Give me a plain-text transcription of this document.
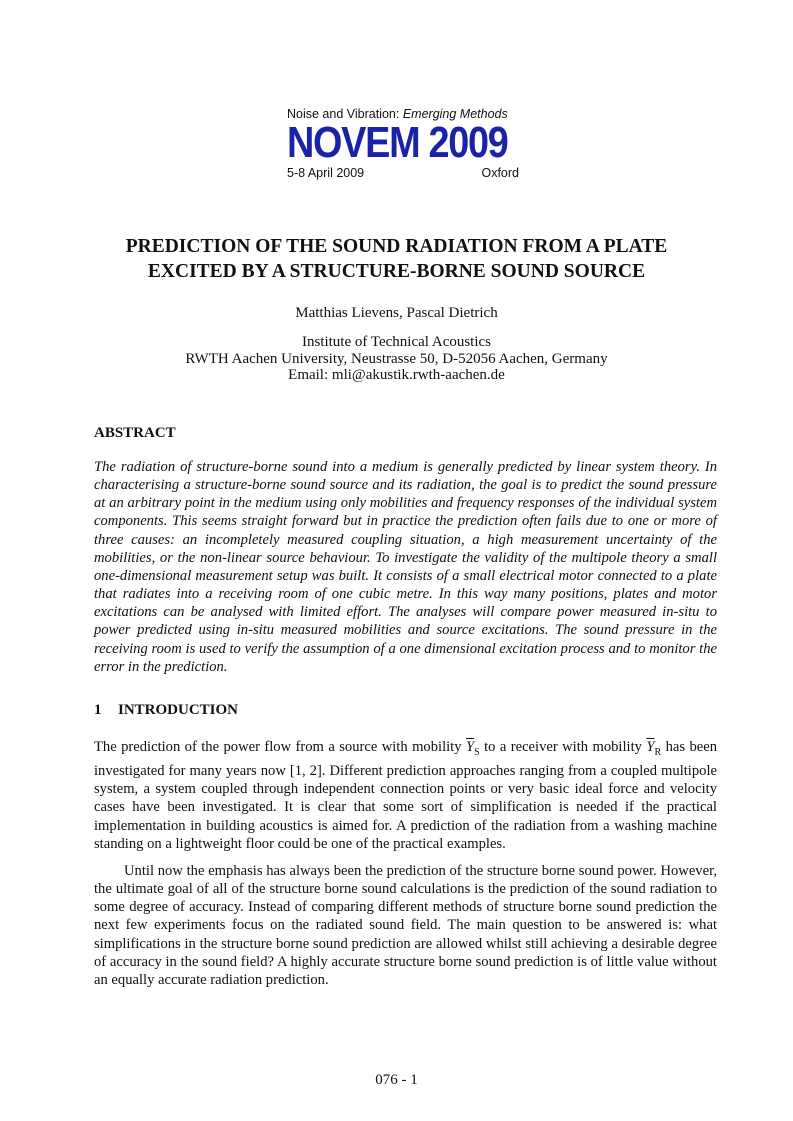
Noise and Vibration: Emerging Methods
NOVEM 2009
5-8 April 2009	Oxford
PREDICTION OF THE SOUND RADIATION FROM A PLATE
EXCITED BY A STRUCTURE-BORNE SOUND SOURCE
Matthias Lievens, Pascal Dietrich
Institute of Technical Acoustics
RWTH Aachen University, Neustrasse 50, D-52056 Aachen, Germany
Email: mli@akustik.rwth-aachen.de
ABSTRACT
The radiation of structure-borne sound into a medium is generally predicted by linear system theory. In characterising a structure-borne sound source and its radiation, the goal is to predict the sound pressure at an arbitrary point in the medium using only mobilities and frequency responses of the individual system components. This seems straight forward but in practice the prediction often fails due to one or more of three causes: an incompletely measured coupling situation, a high measurement uncertainty of the mobilities, or the non-linear source behaviour. To investigate the validity of the multipole theory a small one-dimensional measurement setup was built. It consists of a small electrical motor connected to a plate that radiates into a receiving room of one cubic metre. In this way many positions, plates and motor excitations can be analysed with limited effort. The analyses will compare power measured in-situ to power predicted using in-situ measured mobilities and source excitations. The sound pressure in the receiving room is used to verify the assumption of a one dimensional excitation process and to monitor the error in the prediction.
1 INTRODUCTION
The prediction of the power flow from a source with mobility $\overline{Y}_S$ to a receiver with mobility $\overline{Y}_R$ has been investigated for many years now [1, 2]. Different prediction approaches ranging from a coupled multipole system, a system coupled through independent connection points or very basic ideal force and velocity cases have been investigated. It is clear that some sort of simplification is needed if the practical implementation in building acoustics is aimed for. A prediction of the radiation from a washing machine standing on a lightweight floor could be one of the practical examples.
Until now the emphasis has always been the prediction of the structure borne sound power. However, the ultimate goal of all of the structure borne sound calculations is the prediction of the sound radiation to some degree of accuracy. Instead of comparing different methods of structure borne sound prediction the next few experiments focus on the radiated sound field. The main question to be answered is: what simplifications in the structure borne sound prediction are allowed whilst still achieving a desirable degree of accuracy in the sound field? A highly accurate structure borne sound prediction is of little value without an equally accurate radiation prediction.
076 - 1
